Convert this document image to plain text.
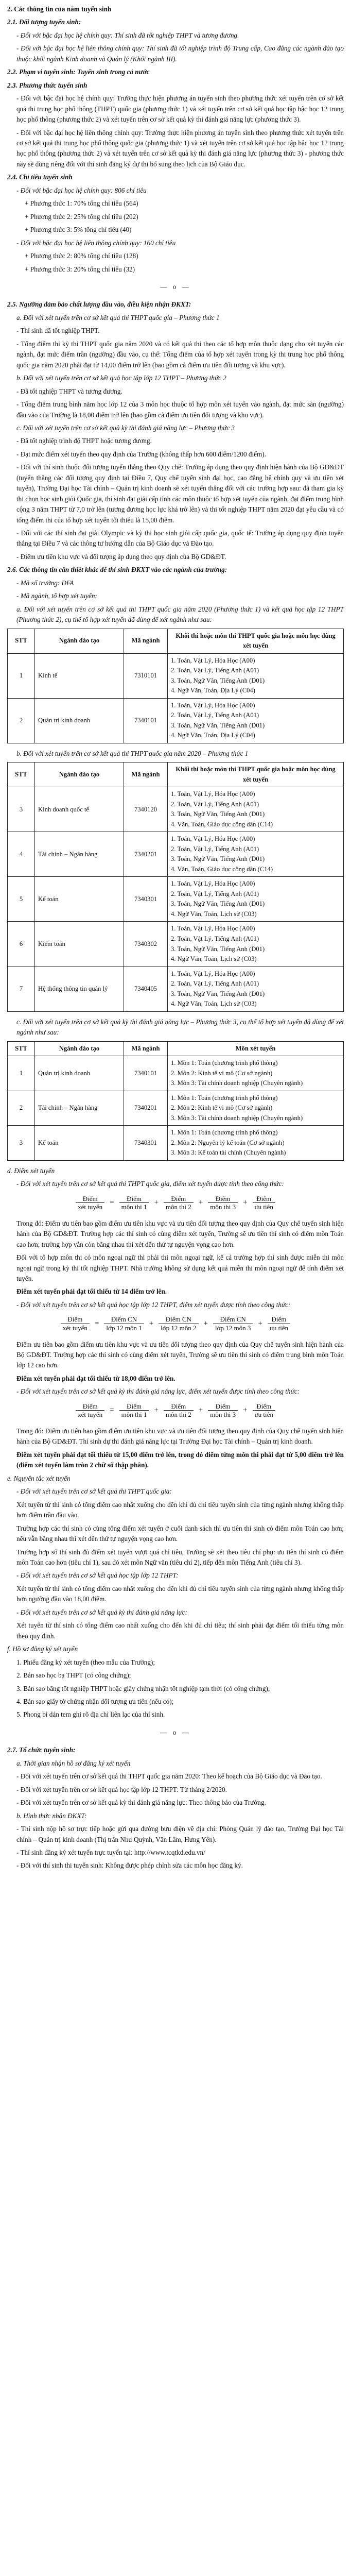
2. Các thông tin của năm tuyển sinh

2.1. Đối tượng tuyển sinh:

- Đối với bậc đại học hệ chính quy: Thí sinh đã tốt nghiệp THPT và tương đương.

- Đối với bậc đại học hệ liên thông chính quy: Thí sinh đã tốt nghiệp trình độ Trung cấp, Cao đẳng các ngành đào tạo thuộc khối ngành Kinh doanh và Quản lý (Khối ngành III).

2.2. Phạm vi tuyển sinh: Tuyển sinh trong cả nước

2.3. Phương thức tuyển sinh

- Đối với bậc đại học hệ chính quy: Trường thực hiện phương án tuyển sinh theo phương thức xét tuyển trên cơ sở kết quả thi trung học phổ thông (THPT) quốc gia (phương thức 1) và xét tuyển trên cơ sở kết quả học tập bậc học 12 trung học phổ thông (phương thức 2) và xét tuyển trên cơ sở kết quả kỳ thi đánh giá năng lực (phương thức 3).

- Đối với bậc đại học hệ liên thông chính quy: Trường thực hiện phương án tuyển sinh theo phương thức xét tuyển trên cơ sở kết quả thi trung học phổ thông quốc gia (phương thức 1) và xét tuyển trên cơ sở kết quả học tập bậc học 12 trung học phổ thông (phương thức 2) và xét tuyển trên cơ sở kết quả kỳ thi đánh giá năng lực (phương thức 3) - phương thức này sẽ dùng riêng đối với thí sinh đăng ký dự thi bổ sung theo lịch của Bộ Giáo dục.

2.4. Chỉ tiêu tuyển sinh

- Đối với bậc đại học hệ chính quy: 806 chỉ tiêu

+ Phương thức 1: 70% tổng chỉ tiêu (564)

+ Phương thức 2: 25% tổng chỉ tiêu (202)

+ Phương thức 3: 5% tổng chỉ tiêu (40)

- Đối với bậc đại học hệ liên thông chính quy: 160 chỉ tiêu

+ Phương thức 2: 80% tổng chỉ tiêu (128)

+ Phương thức 3: 20% tổng chỉ tiêu (32)

— o —

2.5. Ngưỡng đảm bảo chất lượng đầu vào, điều kiện nhận ĐKXT:

a. Đối với xét tuyển trên cơ sở kết quả thi THPT quốc gia – Phương thức 1

- Thí sinh đã tốt nghiệp THPT.

- Tổng điểm thi kỳ thi THPT quốc gia năm 2020 và có kết quả thi theo các tổ hợp môn thuộc dạng cho xét tuyển các ngành, đạt mức điểm trần (ngưỡng) đầu vào, cụ thể: Tổng điểm của tổ hợp xét tuyển trong kỳ thi trung học phổ thông quốc gia năm 2020 phải đạt từ 14,00 điểm trở lên (bao gồm cả điểm ưu tiên đối tượng và khu vực).

b. Đối với xét tuyển trên cơ sở kết quả học tập lớp 12 THPT – Phương thức 2

- Đã tốt nghiệp THPT và tương đương.

- Tổng điểm trung bình năm học lớp 12 của 3 môn học thuộc tổ hợp môn xét tuyển vào ngành, đạt mức sàn (ngưỡng) đầu vào của Trường là 18,00 điểm trở lên (bao gồm cả điểm ưu tiên đối tượng và khu vực).

c. Đối với xét tuyển trên cơ sở kết quả kỳ thi đánh giá năng lực – Phương thức 3

- Đã tốt nghiệp trình độ THPT hoặc tương đương.

- Đạt mức điểm xét tuyển theo quy định của Trường (không thấp hơn 600 điểm/1200 điểm).

- Đối với thí sinh thuộc đối tượng tuyển thẳng theo Quy chế: Trường áp dụng theo quy định hiện hành của Bộ GD&ĐT (tuyển thẳng các đối tượng quy định tại Điều 7, Quy chế tuyển sinh đại học, cao đẳng hệ chính quy và ưu tiên xét tuyển), Trường Đại học Tài chính – Quản trị kinh doanh sẽ xét tuyển thẳng đối với các trường hợp sau: đã tham gia kỳ thi chọn học sinh giỏi Quốc gia, thí sinh đạt giải cấp tỉnh các môn thuộc tổ hợp xét tuyển của ngành, đạt điểm trung bình cộng 3 năm THPT từ 7,0 trở lên (tương đương học lực khá trở lên) và thi tốt nghiệp THPT năm 2020 đạt yêu cầu và có tổng điểm thi của tổ hợp xét tuyển tối thiểu là 15,00 điểm.

- Đối với các thí sinh đạt giải Olympic và kỳ thi học sinh giỏi cấp quốc gia, quốc tế: Trường áp dụng quy định tuyển thẳng tại Điều 7 và các thông tư hướng dẫn của Bộ Giáo dục và Đào tạo.

- Điểm ưu tiên khu vực và đối tượng áp dụng theo quy định của Bộ GD&ĐT.

2.6. Các thông tin cần thiết khác để thí sinh ĐKXT vào các ngành của trường:

- Mã số trường: DFA

- Mã ngành, tổ hợp xét tuyển:

a. Đối với xét tuyển trên cơ sở kết quả thi THPT quốc gia năm 2020 (Phương thức 1) và kết quả học tập 12 THPT (Phương thức 2), cụ thể tổ hợp xét tuyển đã dùng để xét ngành như sau:

STT	Ngành đào tạo	Mã ngành	Khối thi hoặc môn thi THPT quốc gia hoặc môn học dùng xét tuyển
1	Kinh tế	7310101	1. Toán, Vật Lý, Hóa Học (A00)
2. Toán, Vật Lý, Tiếng Anh (A01)
3. Toán, Ngữ Văn, Tiếng Anh (D01)
4. Ngữ Văn, Toán, Địa Lý (C04)

2	Quản trị kinh doanh	7340101	1. Toán, Vật Lý, Hóa Học (A00)
2. Toán, Vật Lý, Tiếng Anh (A01)
3. Toán, Ngữ Văn, Tiếng Anh (D01)
4. Ngữ Văn, Toán, Địa Lý (C04)

b. Đối với xét tuyển trên cơ sở kết quả thi THPT quốc gia năm 2020 – Phương thức 1

STT	Ngành đào tạo	Mã ngành	Khối thi hoặc môn thi THPT quốc gia hoặc môn học dùng xét tuyển
3	Kinh doanh quốc tế	7340120	1. Toán, Vật Lý, Hóa Học (A00)
2. Toán, Vật Lý, Tiếng Anh (A01)
3. Toán, Ngữ Văn, Tiếng Anh (D01)
4. Văn, Toán, Giáo dục công dân (C14)

4	Tài chính – Ngân hàng	7340201	1. Toán, Vật Lý, Hóa Học (A00)
2. Toán, Vật Lý, Tiếng Anh (A01)
3. Toán, Ngữ Văn, Tiếng Anh (D01)
4. Văn, Toán, Giáo dục công dân (C14)

5	Kế toán	7340301	1. Toán, Vật Lý, Hóa Học (A00)
2. Toán, Vật Lý, Tiếng Anh (A01)
3. Toán, Ngữ Văn, Tiếng Anh (D01)
4. Ngữ Văn, Toán, Lịch sử (C03)

6	Kiểm toán	7340302	1. Toán, Vật Lý, Hóa Học (A00)
2. Toán, Vật Lý, Tiếng Anh (A01)
3. Toán, Ngữ Văn, Tiếng Anh (D01)
4. Ngữ Văn, Toán, Lịch sử (C03)

7	Hệ thống thông tin quản lý	7340405	1. Toán, Vật Lý, Hóa Học (A00)
2. Toán, Vật Lý, Tiếng Anh (A01)
3. Toán, Ngữ Văn, Tiếng Anh (D01)
4. Ngữ Văn, Toán, Lịch sử (C03)

c. Đối với xét tuyển trên cơ sở kết quả kỳ thi đánh giá năng lực – Phương thức 3, cụ thể tổ hợp xét tuyển đã dùng để xét ngành như sau:

STT	Ngành đào tạo	Mã ngành	Môn xét tuyển
1	Quản trị kinh doanh	7340101	1. Môn 1: Toán (chương trình phổ thông)
2. Môn 2: Kinh tế vi mô (Cơ sở ngành)
3. Môn 3: Tài chính doanh nghiệp (Chuyên ngành)

2	Tài chính – Ngân hàng	7340201	1. Môn 1: Toán (chương trình phổ thông)
2. Môn 2: Kinh tế vi mô (Cơ sở ngành)
3. Môn 3: Tài chính doanh nghiệp (Chuyên ngành)

3	Kế toán	7340301	1. Môn 1: Toán (chương trình phổ thông)
2. Môn 2: Nguyên lý kế toán (Cơ sở ngành)
3. Môn 3: Kế toán tài chính (Chuyên ngành)

d. Điểm xét tuyển

- Đối với xét tuyển trên cơ sở kết quả thi THPT quốc gia, điểm xét tuyển được tính theo công thức:

$\frac{\text{Điểm}}{\text{xét tuyển}} = \frac{\text{Điểm}}{\text{môn thi 1}} + \frac{\text{Điểm}}{\text{môn thi 2}} + \frac{\text{Điểm}}{\text{môn thi 3}} + \frac{\text{Điểm}}{\text{ưu tiên}}$

Trong đó: Điểm ưu tiên bao gồm điểm ưu tiên khu vực và ưu tiên đối tượng theo quy định của Quy chế tuyển sinh hiện hành của Bộ GD&ĐT. Trường hợp các thí sinh có cùng điểm xét tuyển, Trường sẽ ưu tiên thí sinh có điểm môn Toán cao hơn; trường hợp vẫn còn bằng nhau thì xét đến thứ tự nguyện vọng cao hơn.

Đối với tổ hợp môn thi có môn ngoại ngữ thì phải thi môn ngoại ngữ, kể cả trường hợp thí sinh được miễn thi môn ngoại ngữ trong kỳ thi tốt nghiệp THPT. Nhà trường không sử dụng kết quả miễn thi môn ngoại ngữ để tính điểm xét tuyển.

Điểm xét tuyển phải đạt tối thiểu từ 14 điểm trở lên.

- Đối với xét tuyển trên cơ sở kết quả học tập lớp 12 THPT, điểm xét tuyển được tính theo công thức:

$\frac{\text{Điểm}}{\text{xét tuyển}} = \frac{\text{Điểm CN}}{\text{lớp 12 môn 1}} + \frac{\text{Điểm CN}}{\text{lớp 12 môn 2}} + \frac{\text{Điểm CN}}{\text{lớp 12 môn 3}} + \frac{\text{Điểm}}{\text{ưu tiên}}$

Điểm ưu tiên bao gồm điểm ưu tiên khu vực và ưu tiên đối tượng theo quy định của Quy chế tuyển sinh hiện hành của Bộ GD&ĐT. Trường hợp các thí sinh có cùng điểm xét tuyển, Trường sẽ ưu tiên thí sinh có điểm trung bình môn Toán lớp 12 cao hơn.

Điểm xét tuyển phải đạt tối thiểu từ 18,00 điểm trở lên.

- Đối với xét tuyển trên cơ sở kết quả kỳ thi đánh giá năng lực, điểm xét tuyển được tính theo công thức:

$\frac{\text{Điểm}}{\text{xét tuyển}} = \frac{\text{Điểm}}{\text{môn thi 1}} + \frac{\text{Điểm}}{\text{môn thi 2}} + \frac{\text{Điểm}}{\text{môn thi 3}} + \frac{\text{Điểm}}{\text{ưu tiên}}$

Trong đó: Điểm ưu tiên bao gồm điểm ưu tiên khu vực và ưu tiên đối tượng theo quy định của Quy chế tuyển sinh hiện hành của Bộ GD&ĐT. Thí sinh dự thi đánh giá năng lực tại Trường Đại học Tài chính – Quản trị kinh doanh.

Điểm xét tuyển phải đạt tối thiểu từ 15,00 điểm trở lên, trong đó điểm từng môn thi phải đạt từ 5,00 điểm trở lên (điểm xét tuyển làm tròn 2 chữ số thập phân).

e. Nguyên tắc xét tuyển

- Đối với xét tuyển trên cơ sở kết quả thi THPT quốc gia:

Xét tuyển từ thí sinh có tổng điểm cao nhất xuống cho đến khi đủ chỉ tiêu tuyển sinh của từng ngành nhưng không thấp hơn điểm trần đầu vào.

Trường hợp các thí sinh có cùng tổng điểm xét tuyển ở cuối danh sách thì ưu tiên thí sinh có điểm môn Toán cao hơn; nếu vẫn bằng nhau thì xét đến thứ tự nguyện vọng cao hơn.

Trường hợp số thí sinh đủ điểm xét tuyển vượt quá chỉ tiêu, Trường sẽ xét theo tiêu chí phụ: ưu tiên thí sinh có điểm môn Toán cao hơn (tiêu chí 1), sau đó xét môn Ngữ văn (tiêu chí 2), tiếp đến môn Tiếng Anh (tiêu chí 3).

- Đối với xét tuyển trên cơ sở kết quả học tập lớp 12 THPT:

Xét tuyển từ thí sinh có tổng điểm cao nhất xuống cho đến khi đủ chỉ tiêu tuyển sinh của từng ngành nhưng không thấp hơn ngưỡng đầu vào 18,00 điểm.

- Đối với xét tuyển trên cơ sở kết quả kỳ thi đánh giá năng lực:

Xét tuyển từ thí sinh có tổng điểm cao nhất xuống cho đến khi đủ chỉ tiêu; thí sinh phải đạt điểm tối thiểu từng môn theo quy định.

f. Hồ sơ đăng ký xét tuyển

1. Phiếu đăng ký xét tuyển (theo mẫu của Trường);

2. Bản sao học bạ THPT (có công chứng);

3. Bản sao bằng tốt nghiệp THPT hoặc giấy chứng nhận tốt nghiệp tạm thời (có công chứng);

4. Bản sao giấy tờ chứng nhận đối tượng ưu tiên (nếu có);

5. Phong bì dán tem ghi rõ địa chỉ liên lạc của thí sinh.

— o —

2.7. Tổ chức tuyển sinh:

a. Thời gian nhận hồ sơ đăng ký xét tuyển

- Đối với xét tuyển trên cơ sở kết quả thi THPT quốc gia năm 2020: Theo kế hoạch của Bộ Giáo dục và Đào tạo.

- Đối với xét tuyển trên cơ sở kết quả học tập lớp 12 THPT: Từ tháng 2/2020.

- Đối với xét tuyển trên cơ sở kết quả kỳ thi đánh giá năng lực: Theo thông báo của Trường.

b. Hình thức nhận ĐKXT:

- Thí sinh nộp hồ sơ trực tiếp hoặc gửi qua đường bưu điện về địa chỉ: Phòng Quản lý đào tạo, Trường Đại học Tài chính – Quản trị kinh doanh (Thị trấn Như Quỳnh, Văn Lâm, Hưng Yên).

- Thí sinh đăng ký xét tuyển trực tuyến tại: http://www.tcqtkd.edu.vn/

- Đối với thí sinh thi tuyển sinh: Không được phép chỉnh sửa các môn học đăng ký.
